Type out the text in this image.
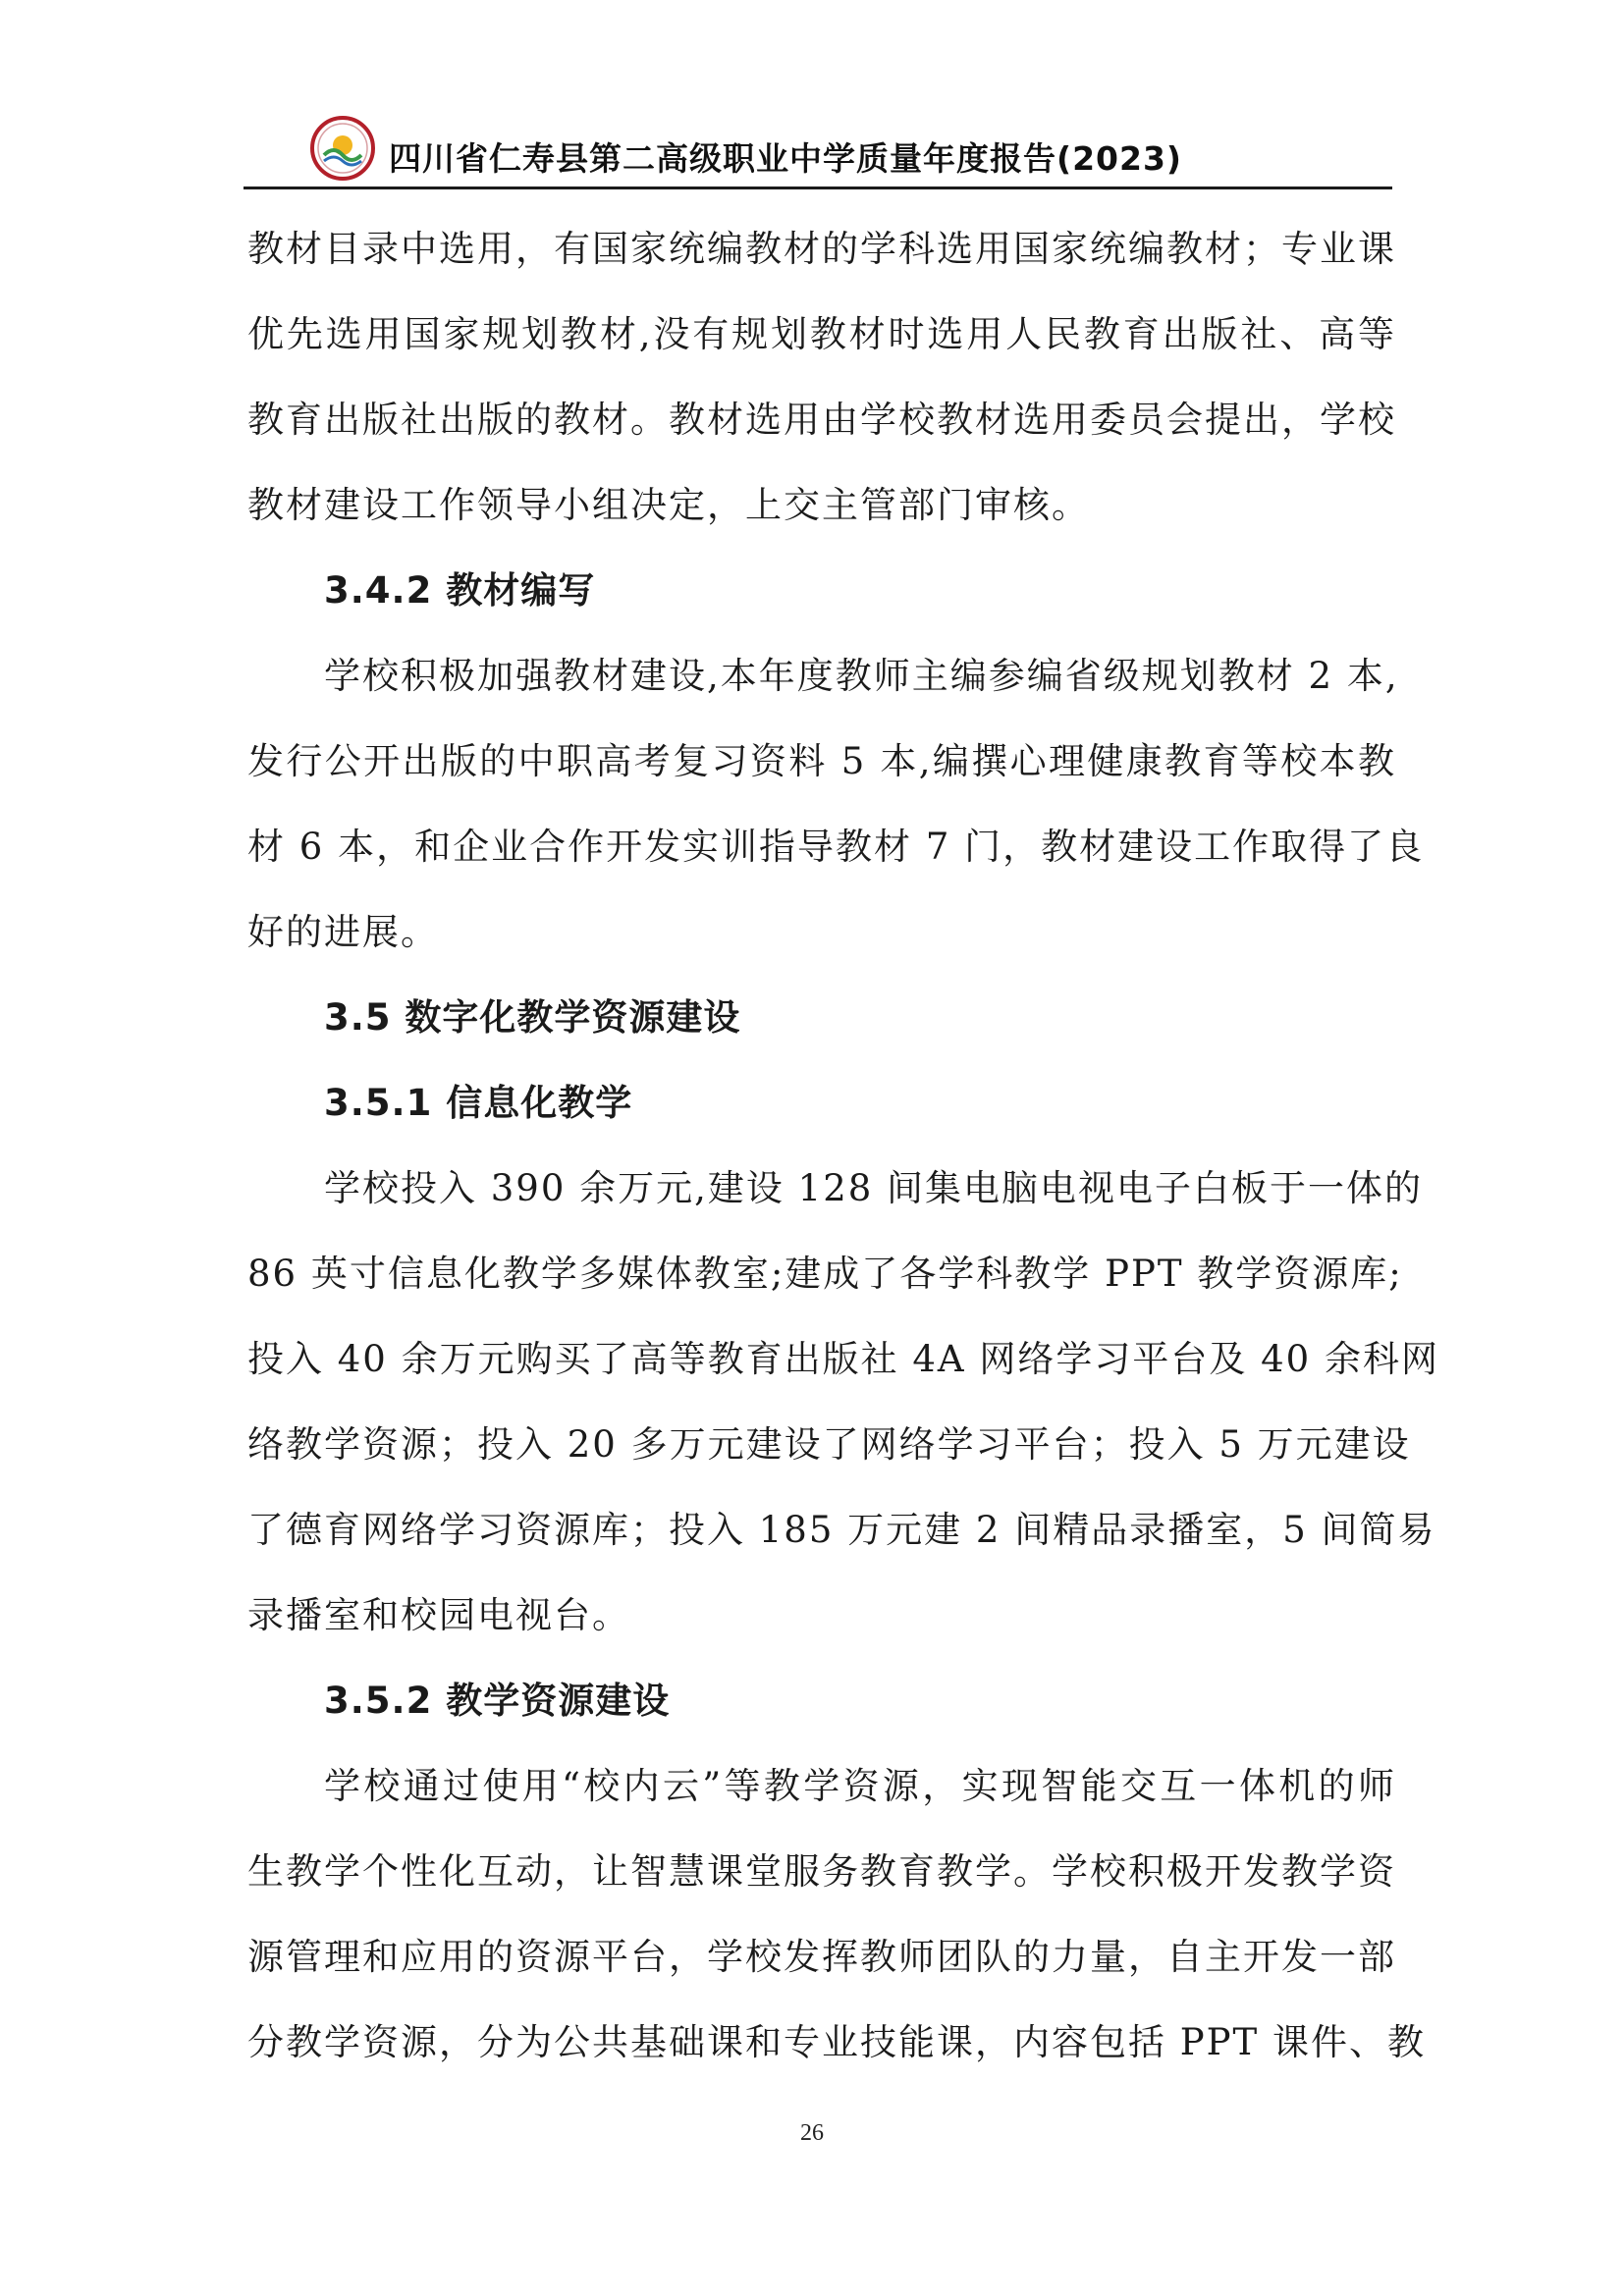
四川省仁寿县第二高级职业中学质量年度报告(2023)
教材目录中选用，有国家统编教材的学科选用国家统编教材；专业课
优先选用国家规划教材,没有规划教材时选用人民教育出版社、高等
教育出版社出版的教材。教材选用由学校教材选用委员会提出，学校
教材建设工作领导小组决定，上交主管部门审核。
3.4.2 教材编写
学校积极加强教材建设,本年度教师主编参编省级规划教材 2 本,
发行公开出版的中职高考复习资料 5 本,编撰心理健康教育等校本教
材 6 本，和企业合作开发实训指导教材 7 门，教材建设工作取得了良
好的进展。
3.5 数字化教学资源建设
3.5.1 信息化教学
学校投入 390 余万元,建设 128 间集电脑电视电子白板于一体的
86 英寸信息化教学多媒体教室;建成了各学科教学 PPT 教学资源库;
投入 40 余万元购买了高等教育出版社 4A 网络学习平台及 40 余科网
络教学资源；投入 20 多万元建设了网络学习平台；投入 5 万元建设
了德育网络学习资源库；投入 185 万元建 2 间精品录播室，5 间简易
录播室和校园电视台。
3.5.2 教学资源建设
学校通过使用“校内云”等教学资源，实现智能交互一体机的师
生教学个性化互动，让智慧课堂服务教育教学。学校积极开发教学资
源管理和应用的资源平台，学校发挥教师团队的力量，自主开发一部
分教学资源，分为公共基础课和专业技能课，内容包括 PPT 课件、教
26
